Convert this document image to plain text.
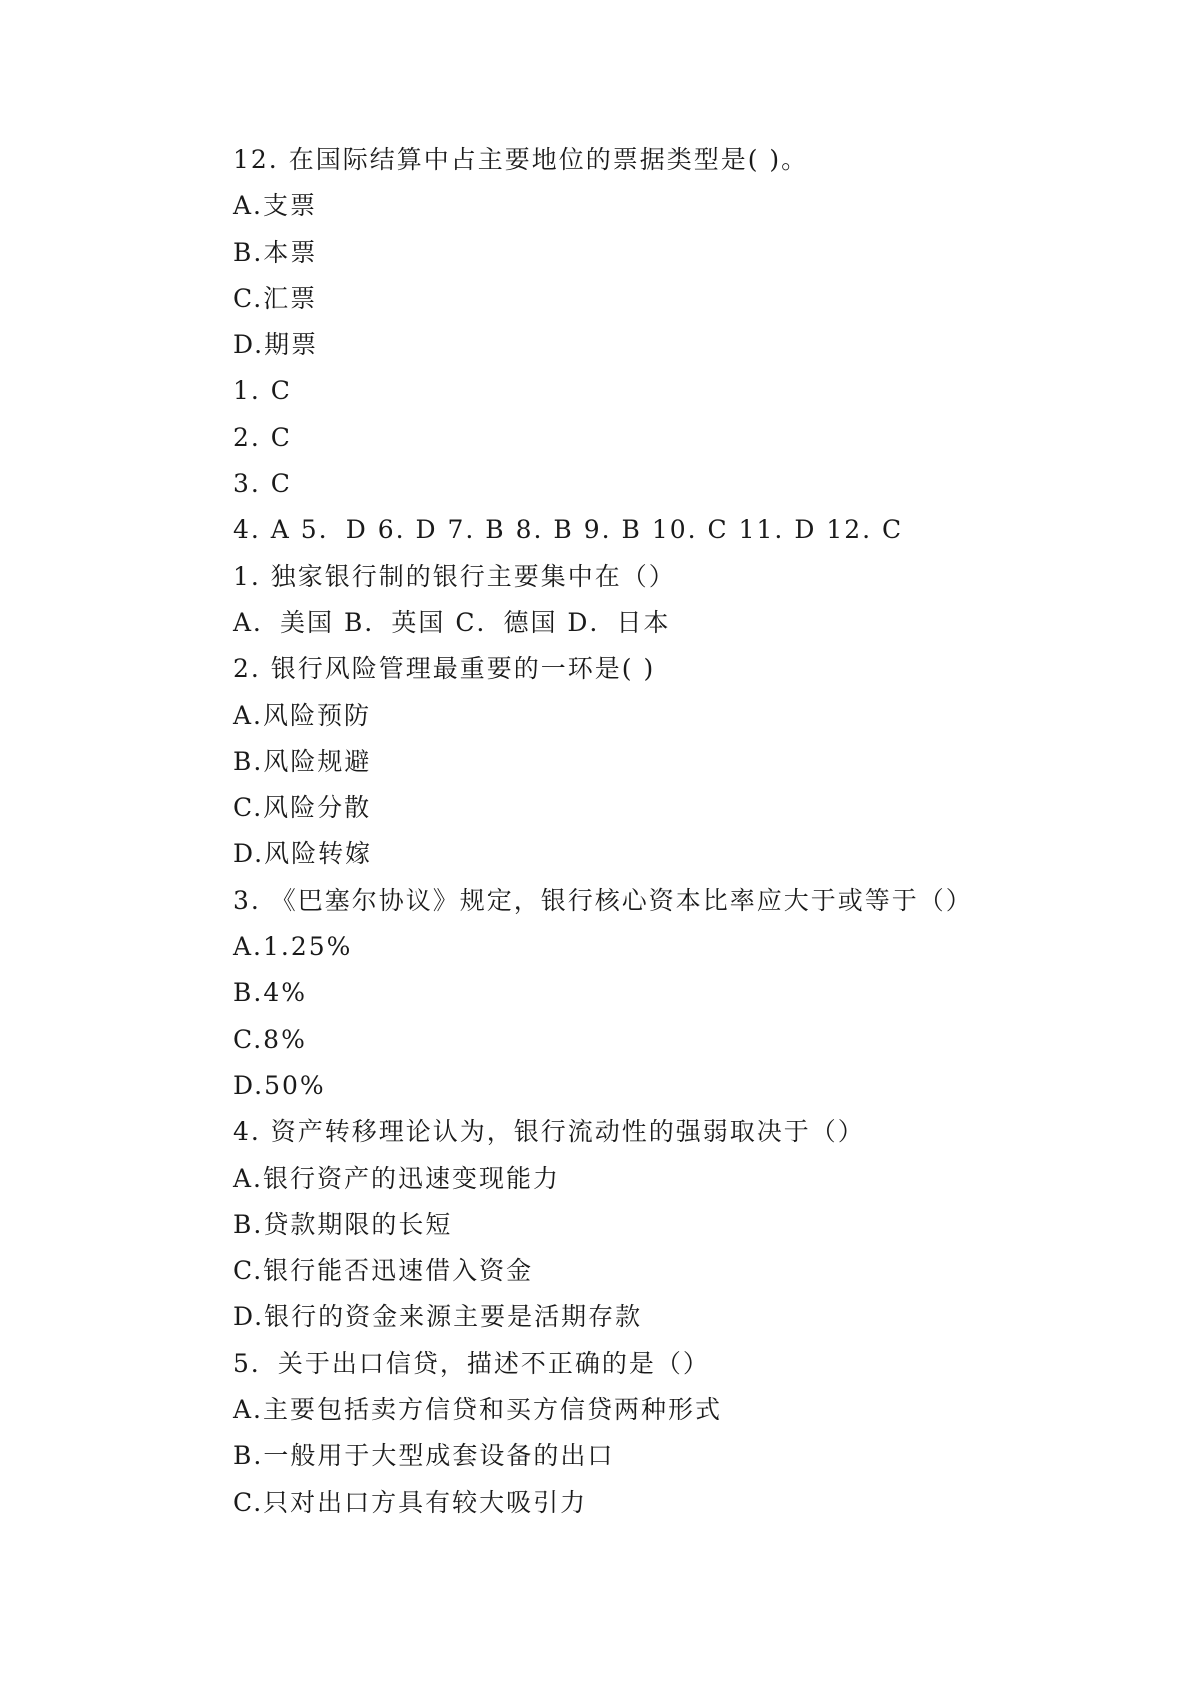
12. 在国际结算中占主要地位的票据类型是( )。
A.支票
B.本票
C.汇票
D.期票
1. C
2. C
3. C
4. A 5．D 6. D 7. B 8. B 9. B 10. C 11. D 12. C
1. 独家银行制的银行主要集中在（）
A．美国 B．英国 C．德国 D．日本
2. 银行风险管理最重要的一环是( )
A.风险预防
B.风险规避
C.风险分散
D.风险转嫁
3. 《巴塞尔协议》规定，银行核心资本比率应大于或等于（）
A.1.25%
B.4%
C.8%
D.50%
4. 资产转移理论认为，银行流动性的强弱取决于（）
A.银行资产的迅速变现能力
B.贷款期限的长短
C.银行能否迅速借入资金
D.银行的资金来源主要是活期存款
5．关于出口信贷，描述不正确的是（）
A.主要包括卖方信贷和买方信贷两种形式
B.一般用于大型成套设备的出口
C.只对出口方具有较大吸引力
